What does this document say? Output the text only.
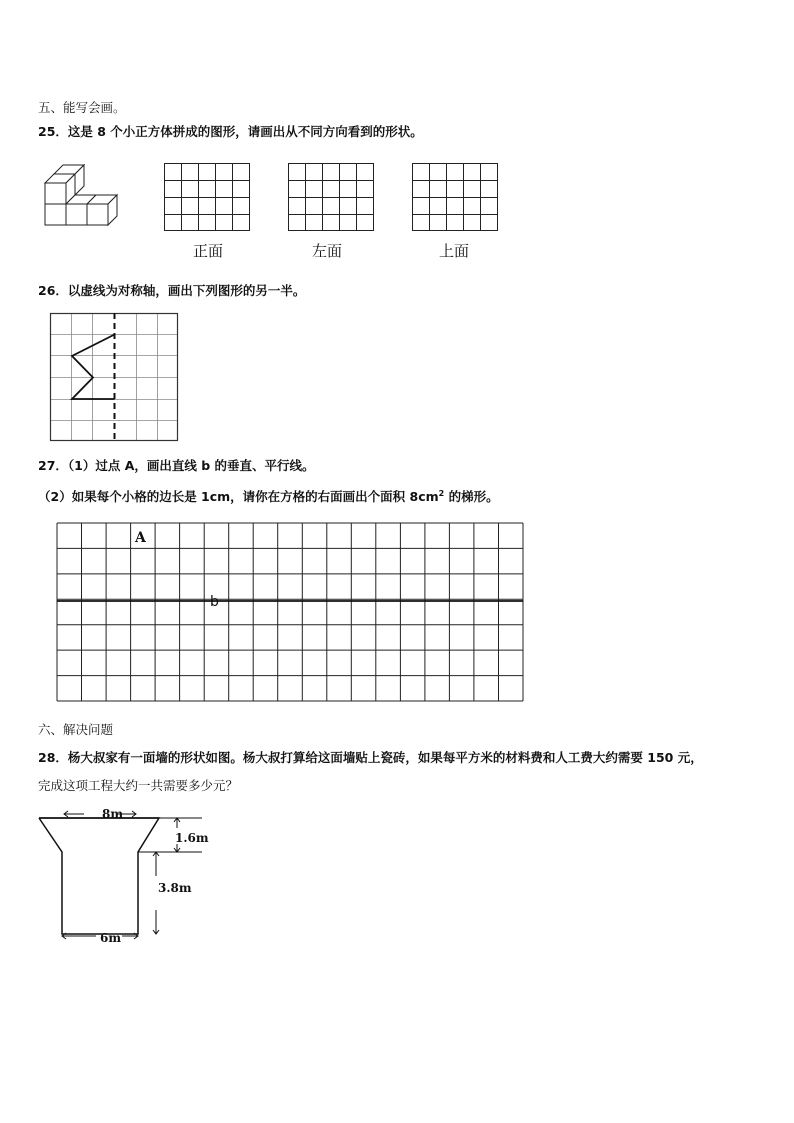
五、能写会画。
25．这是 8 个小正方体拼成的图形，请画出从不同方向看到的形状。
正面	左面	上面
26．以虚线为对称轴，画出下列图形的另一半。
27．（1）过点 A，画出直线 b 的垂直、平行线。
（2）如果每个小格的边长是 1cm，请你在方格的右面画出个面积 $8cm^2$ 的梯形。
A
b
六、解决问题
28．杨大叔家有一面墙的形状如图。杨大叔打算给这面墙贴上瓷砖，如果每平方米的材料费和人工费大约需要 150 元，
完成这项工程大约一共需要多少元？
8m
1.6m
3.8m
6m
